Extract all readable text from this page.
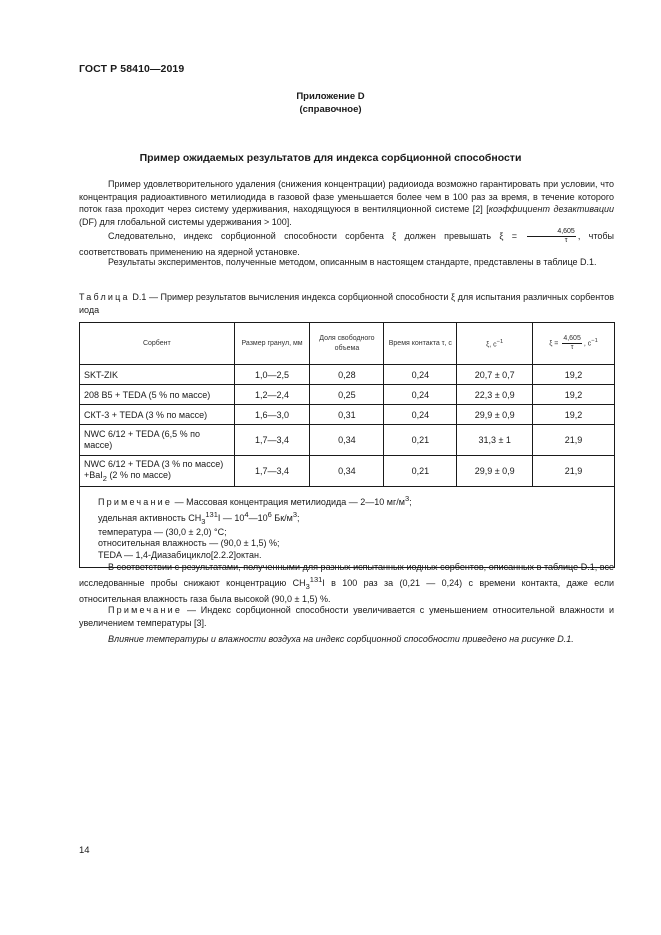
ГОСТ Р 58410—2019
Приложение D
(справочное)
Пример ожидаемых результатов для индекса сорбционной способности
Пример удовлетворительного удаления (снижения концентрации) радиоиода возможно гарантировать при условии, что концентрация радиоактивного метилиодида в газовой фазе уменьшается более чем в 100 раз за время, в течение которого поток газа проходит через систему удерживания, находящуюся в вентиляционной системе [2] [коэффициент дезактивации (DF) для глобальной системы удерживания > 100].
Следовательно, индекс сорбционной способности сорбента ξ должен превышать $\xi = \frac{4,605}{\tau}$ , чтобы соответствовать применению на ядерной установке.
Результаты экспериментов, полученные методом, описанным в настоящем стандарте, представлены в таблице D.1.
Таблица D.1 — Пример результатов вычисления индекса сорбционной способности ξ для испытания различных сорбентов иода
Сорбент	Размер гранул, мм	Доля свободного объема	Время контакта τ, с	ξ, $с^{-1}$	$\xi = \frac{4,605}{\tau}$ , $с^{-1}$
SKT-ZIK	1,0—2,5	0,28	0,24	20,7 ± 0,7	19,2
208 B5 + TEDA (5 % по массе)	1,2—2,4	0,25	0,24	22,3 ± 0,9	19,2
СКТ-3 + TEDA (3 % по массе)	1,6—3,0	0,31	0,24	29,9 ± 0,9	19,2
NWC 6/12 + TEDA (6,5 % по массе)	1,7—3,4	0,34	0,21	31,3 ± 1	21,9
NWC 6/12 + TEDA (3 % по массе) +BaI$_2$ (2 % по массе)	1,7—3,4	0,34	0,21	29,9 ± 0,9	21,9

Примечание — Массовая концентрация метилиодида — 2—10 $мг/м^3$;
удельная активность $CH_3^{131}I$ — $10^4—10^6$ $Бк/м^3$;
температура — (30,0 ± 2,0) °С;
относительная влажность — (90,0 ± 1,5) %;
TEDA — 1,4-Диазабицикло[2.2.2]октан.					
В соответствии с результатами, полученными для разных испытанных иодных сорбентов, описанных в таблице D.1, все исследованные пробы снижают концентрацию $CH_3^{131}I$ в 100 раз за (0,21 — 0,24) с времени контакта, даже если относительная влажность газа была высокой (90,0 ± 1,5) %.
Примечание — Индекс сорбционной способности увеличивается с уменьшением относительной влажности и увеличением температуры [3].
Влияние температуры и влажности воздуха на индекс сорбционной способности приведено на рисунке D.1.
14
